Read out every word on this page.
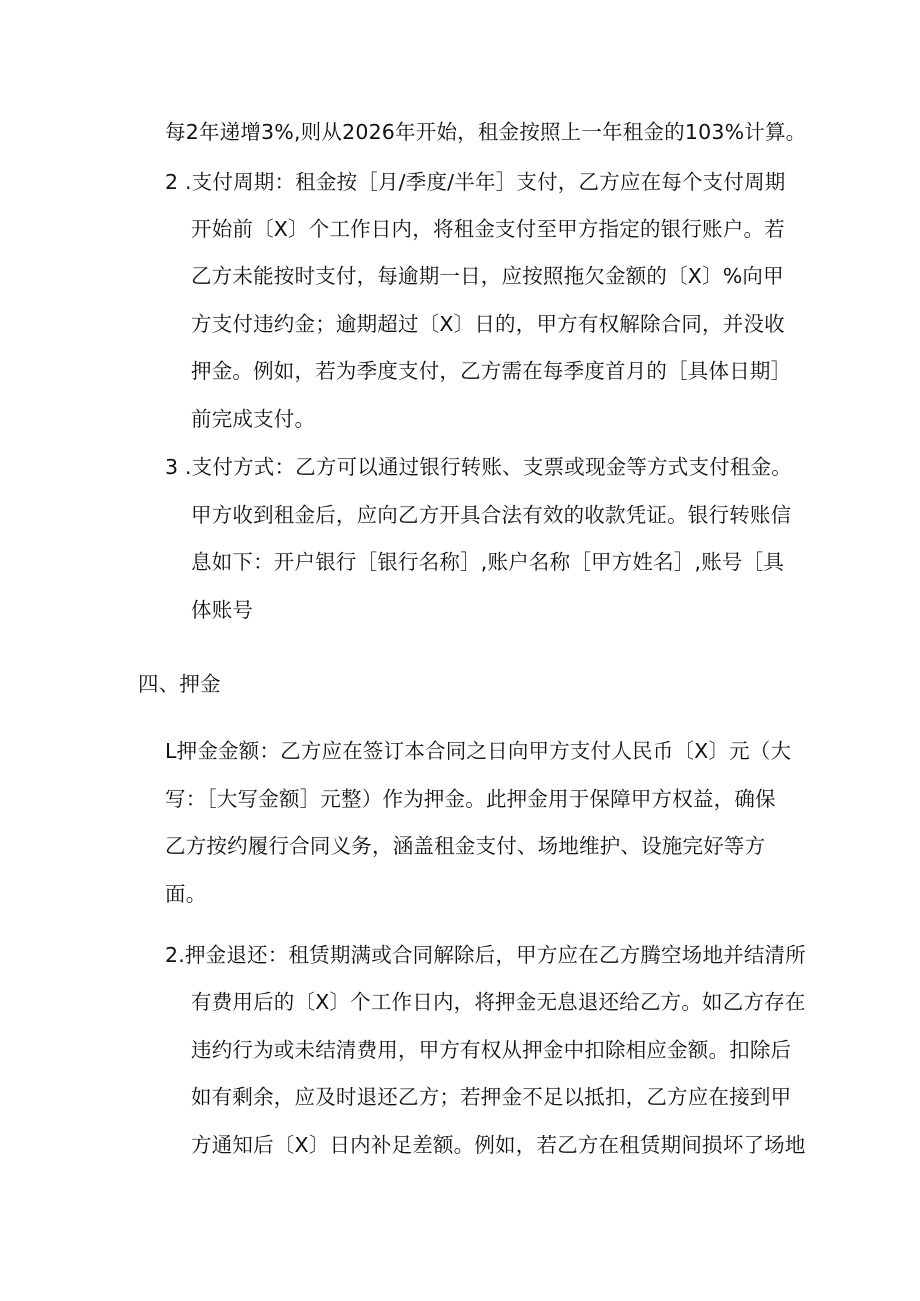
每2年递增3%,则从2026年开始，租金按照上一年租金的103%计算。
2 .支付周期：租金按［月/季度/半年］支付，乙方应在每个支付周期
开始前〔X〕个工作日内，将租金支付至甲方指定的银行账户。若
乙方未能按时支付，每逾期一日，应按照拖欠金额的〔X〕%向甲
方支付违约金；逾期超过〔X〕日的，甲方有权解除合同，并没收
押金。例如，若为季度支付，乙方需在每季度首月的［具体日期］
前完成支付。
3 .支付方式：乙方可以通过银行转账、支票或现金等方式支付租金。
甲方收到租金后，应向乙方开具合法有效的收款凭证。银行转账信
息如下：开户银行［银行名称］,账户名称［甲方姓名］,账号［具
体账号
四、押金
L押金金额：乙方应在签订本合同之日向甲方支付人民币〔X〕元（大
写：［大写金额］元整）作为押金。此押金用于保障甲方权益，确保
乙方按约履行合同义务，涵盖租金支付、场地维护、设施完好等方
面。
2.押金退还：租赁期满或合同解除后，甲方应在乙方腾空场地并结清所
有费用后的〔X〕个工作日内，将押金无息退还给乙方。如乙方存在
违约行为或未结清费用，甲方有权从押金中扣除相应金额。扣除后
如有剩余，应及时退还乙方；若押金不足以抵扣，乙方应在接到甲
方通知后〔X〕日内补足差额。例如，若乙方在租赁期间损坏了场地
